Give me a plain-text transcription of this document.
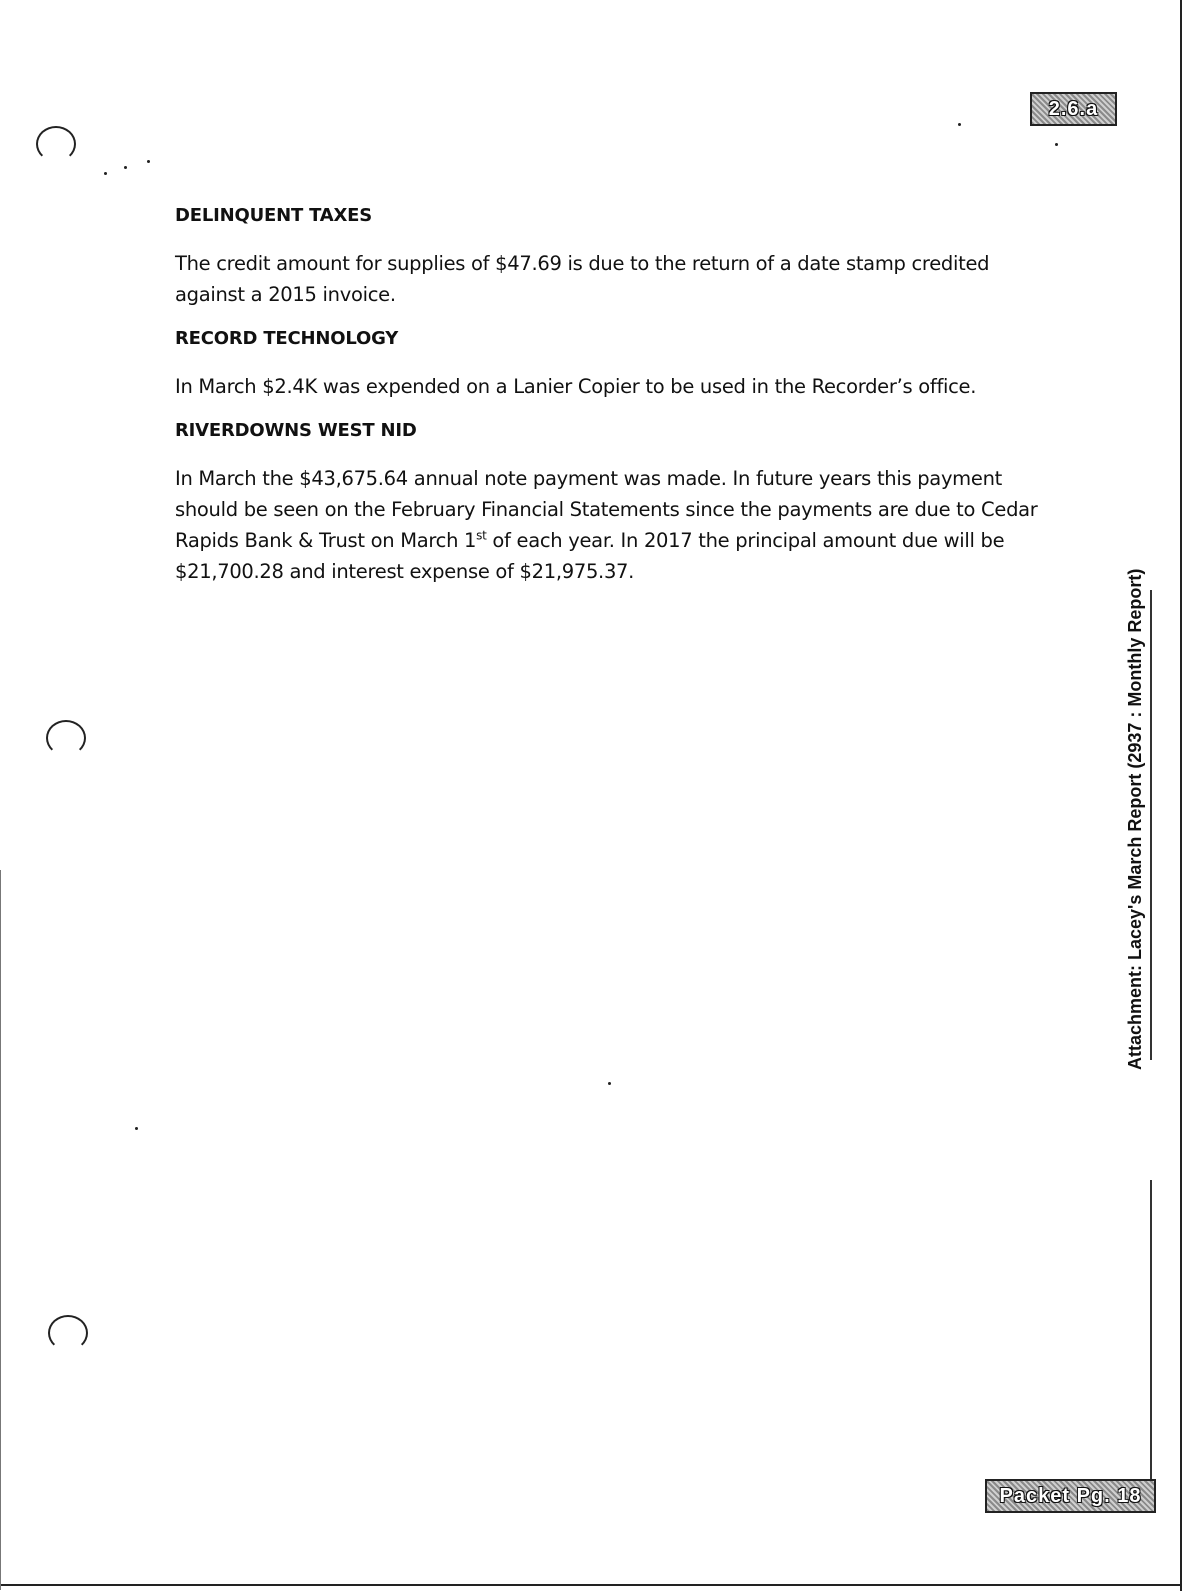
2.6.a
DELINQUENT TAXES
The credit amount for supplies of $47.69 is due to the return of a date stamp credited against a 2015 invoice.
RECORD TECHNOLOGY
In March $2.4K was expended on a Lanier Copier to be used in the Recorder’s office.
RIVERDOWNS WEST NID
In March the $43,675.64 annual note payment was made. In future years this payment should be seen on the February Financial Statements since the payments are due to Cedar Rapids Bank & Trust on March 1st of each year. In 2017 the principal amount due will be $21,700.28 and interest expense of $21,975.37.	Attachment: Lacey's March Report (2937 : Monthly Report)
Packet Pg. 18
